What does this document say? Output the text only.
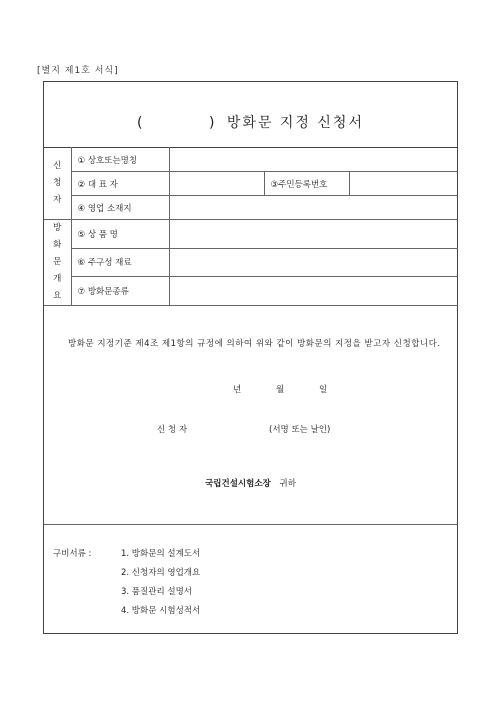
[별지 제1호 서식]
(          ) 방화문 지정 신청서
신
청
자	① 상호또는명칭			
	② 대 표 자		③주민등록번호	
	④ 영업 소재지			

방
화
문
개
요	⑤ 상 품 명			
	⑥ 주구성 재료			
	⑦ 방화문종류			
방화문 지정기준 제4조 제1항의 규정에 의하여 위와 같이 방화문의 지정을 받고자 신청합니다.
년	월	일
신 청 자	(서명 또는 날인)
국립건설시험소장 귀하
구비서류 :	1. 방화문의 설계도서
2. 신청자의 영업개요
3. 품질관리 설명서
4. 방화문 시험성적서
